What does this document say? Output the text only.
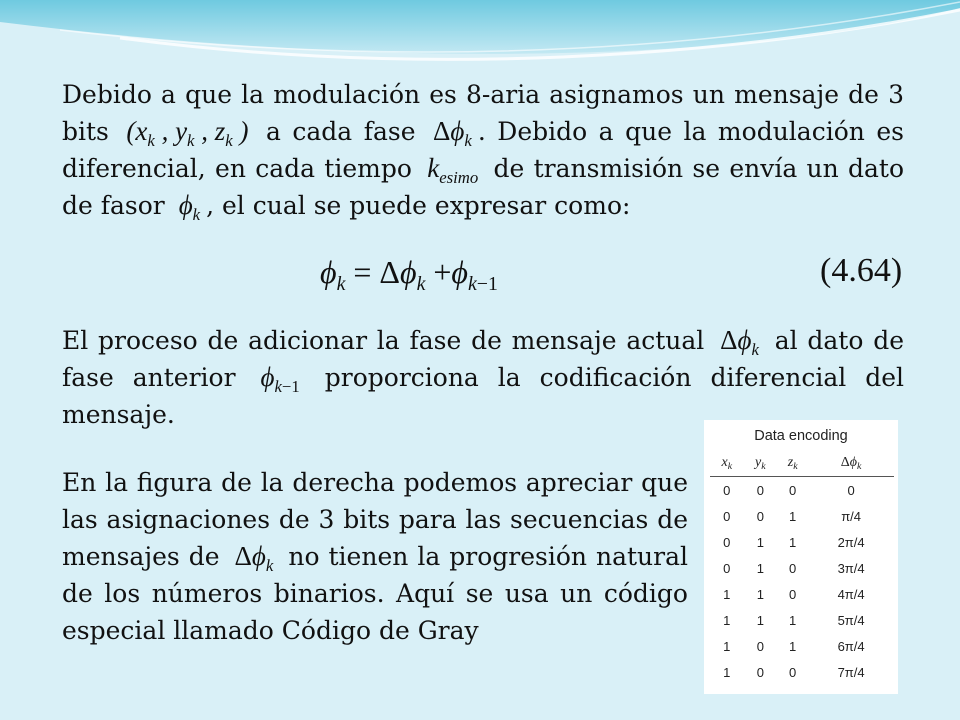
Debido a que la modulación es 8-aria asignamos un mensaje de 3 bits ($x_k$ , $y_k$ , $z_k$ ) a cada fase $\Delta\phi_k$ . Debido a que la modulación es diferencial, en cada tiempo $k_{esimo}$ de transmisión se envía un dato de fasor $\phi_k$ , el cual se puede expresar como:
$\phi_k = \Delta\phi_k +\phi_{k-1}$	(4.64)
El proceso de adicionar la fase de mensaje actual $\Delta\phi_k$ al dato de fase anterior $\phi_{k-1}$ proporciona la codificación diferencial del mensaje.
En la figura de la derecha podemos apreciar que las asignaciones de 3 bits para las secuencias de mensajes de $\Delta\phi_k$ no tienen la progresión natural de los números binarios. Aquí se usa un código especial llamado Código de Gray
Data encoding
$x_k$	$y_k$	$z_k$	$\Delta\phi_k$
0	0	0	0
0	0	1	π/4
0	1	1	2π/4
0	1	0	3π/4
1	1	0	4π/4
1	1	1	5π/4
1	0	1	6π/4
1	0	0	7π/4
